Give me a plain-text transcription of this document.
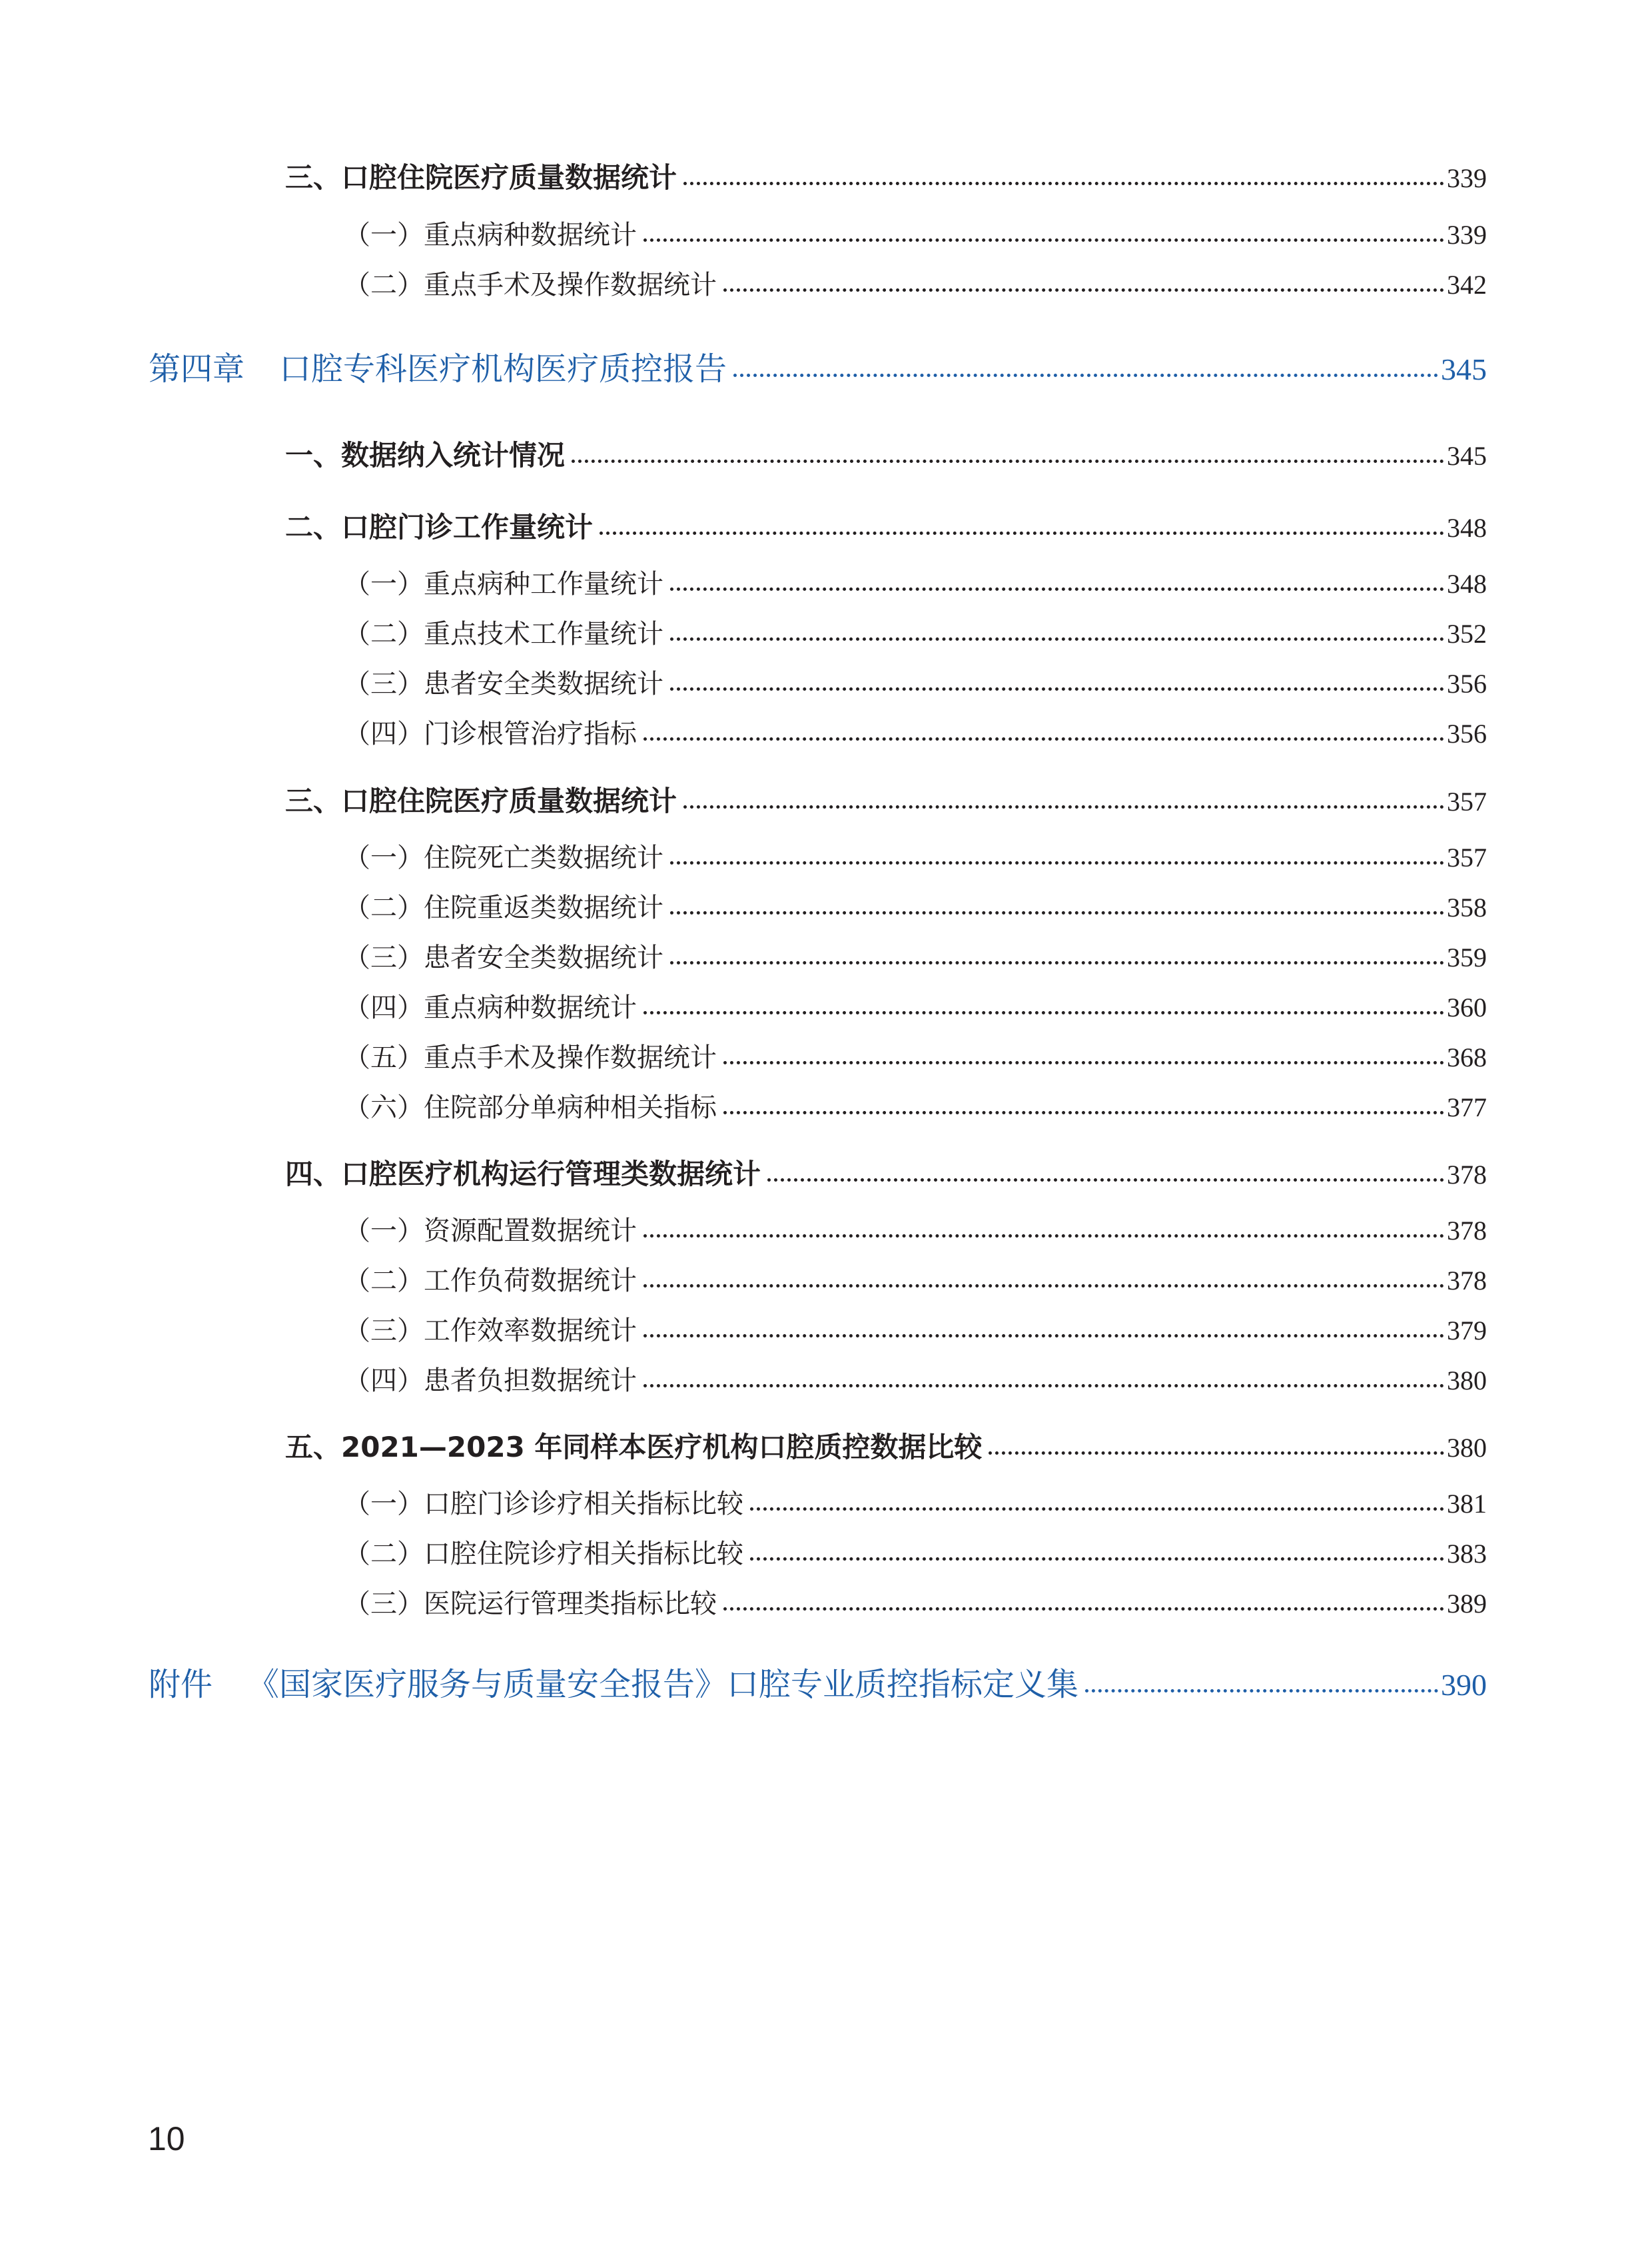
三、口腔住院医疗质量数据统计	339
（一）重点病种数据统计	339
（二）重点手术及操作数据统计	342
第四章 口腔专科医疗机构医疗质控报告	345
一、数据纳入统计情况	345
二、口腔门诊工作量统计	348
（一）重点病种工作量统计	348
（二）重点技术工作量统计	352
（三）患者安全类数据统计	356
（四）门诊根管治疗指标	356
三、口腔住院医疗质量数据统计	357
（一）住院死亡类数据统计	357
（二）住院重返类数据统计	358
（三）患者安全类数据统计	359
（四）重点病种数据统计	360
（五）重点手术及操作数据统计	368
（六）住院部分单病种相关指标	377
四、口腔医疗机构运行管理类数据统计	378
（一）资源配置数据统计	378
（二）工作负荷数据统计	378
（三）工作效率数据统计	379
（四）患者负担数据统计	380
五、2021—2023 年同样本医疗机构口腔质控数据比较	380
（一）口腔门诊诊疗相关指标比较	381
（二）口腔住院诊疗相关指标比较	383
（三）医院运行管理类指标比较	389
附件 《国家医疗服务与质量安全报告》口腔专业质控指标定义集	390
10
